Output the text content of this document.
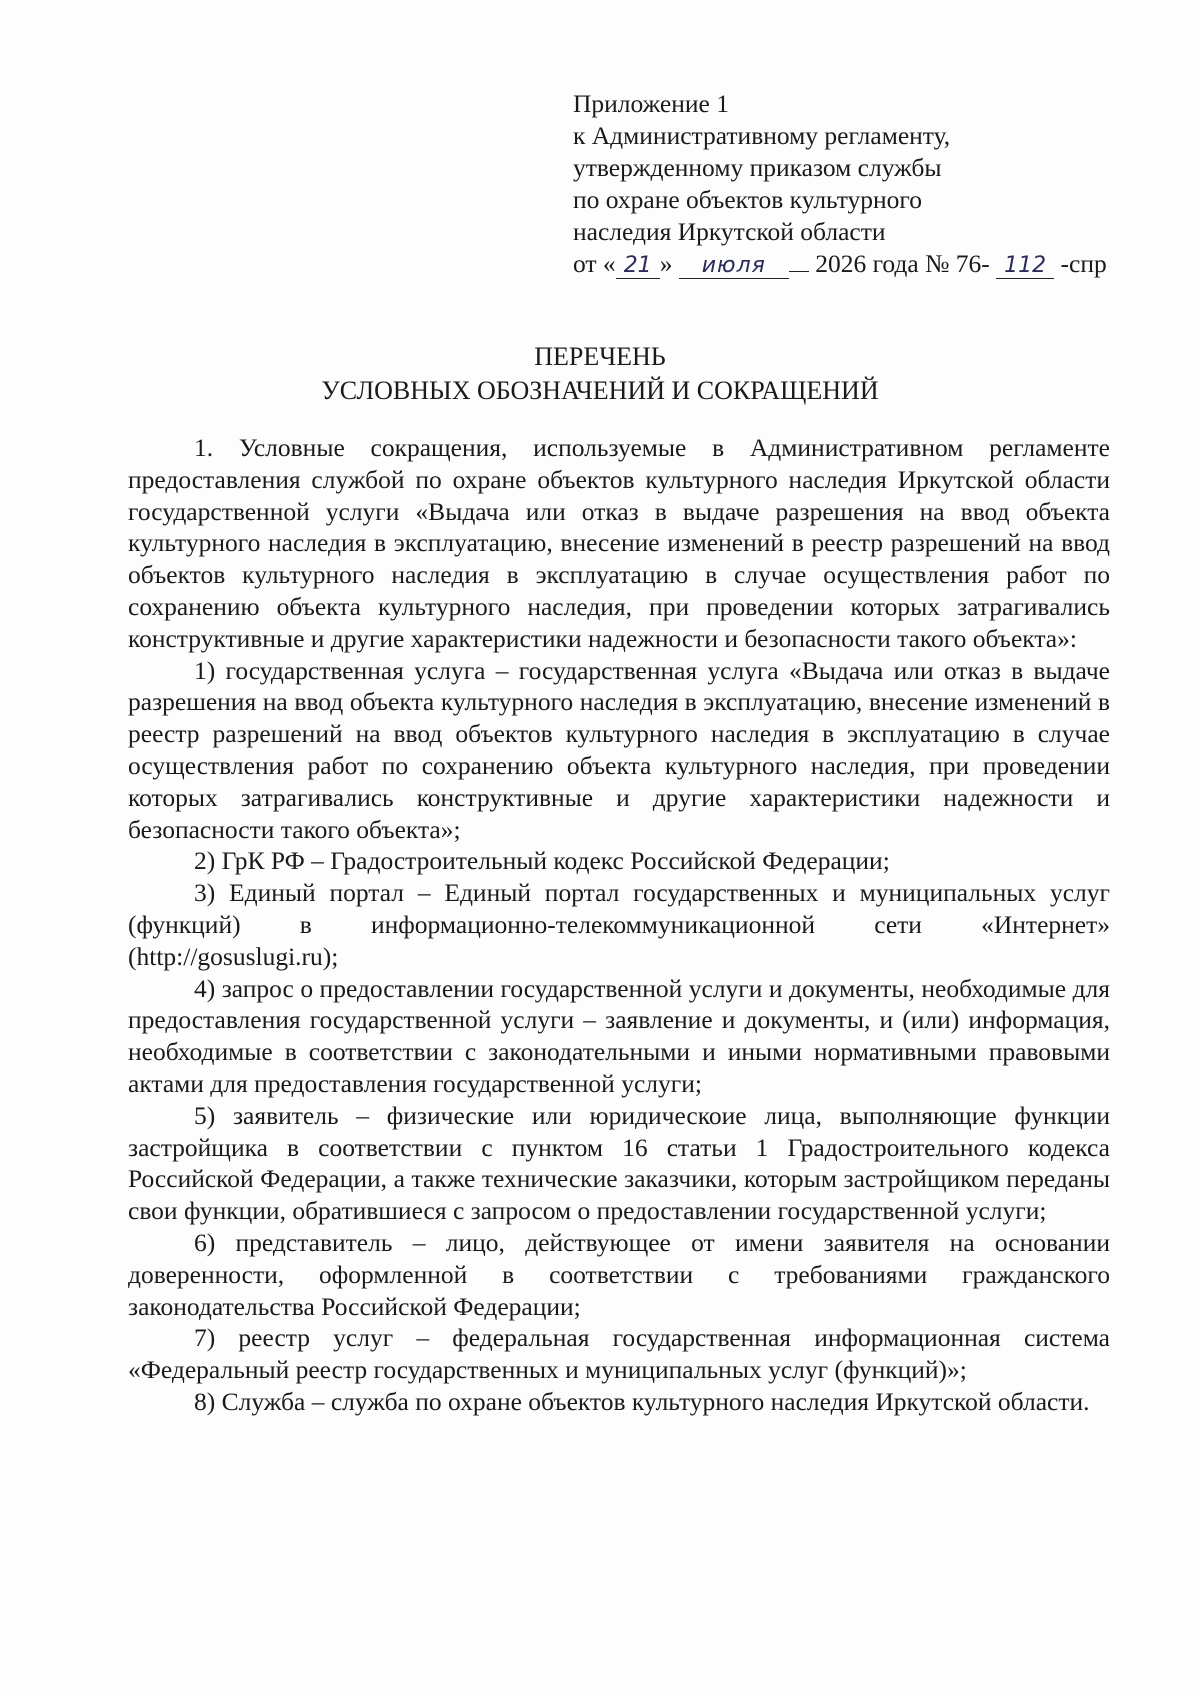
Приложение 1
к Административному регламенту,
утвержденному приказом службы
по охране объектов культурного
наследия Иркутской области
от « 21 » июля 2026 года № 76- 112 -спр
ПЕРЕЧЕНЬ
УСЛОВНЫХ ОБОЗНАЧЕНИЙ И СОКРАЩЕНИЙ

1. Условные сокращения, используемые в Административном регламенте предоставления службой по охране объектов культурного наследия Иркутской области государственной услуги «Выдача или отказ в выдаче разрешения на ввод объекта культурного наследия в эксплуатацию, внесение изменений в реестр разрешений на ввод объектов культурного наследия в эксплуатацию в случае осуществления работ по сохранению объекта культурного наследия, при проведении которых затрагивались конструктивные и другие характеристики надежности и безопасности такого объекта»:

1) государственная услуга – государственная услуга «Выдача или отказ в выдаче разрешения на ввод объекта культурного наследия в эксплуатацию, внесение изменений в реестр разрешений на ввод объектов культурного наследия в эксплуатацию в случае осуществления работ по сохранению объекта культурного наследия, при проведении которых затрагивались конструктивные и другие характеристики надежности и безопасности такого объекта»;

2) ГрК РФ – Градостроительный кодекс Российской Федерации;

3) Единый портал – Единый портал государственных и муниципальных услуг (функций) в информационно-телекоммуникационной сети «Интернет» (http://gosuslugi.ru);

4) запрос о предоставлении государственной услуги и документы, необходимые для предоставления государственной услуги – заявление и документы, и (или) информация, необходимые в соответствии с законодательными и иными нормативными правовыми актами для предоставления государственной услуги;

5) заявитель – физические или юридическоие лица, выполняющие функции застройщика в соответствии с пунктом 16 статьи 1 Градостроительного кодекса Российской Федерации, а также технические заказчики, которым застройщиком переданы свои функции, обратившиеся с запросом о предоставлении государственной услуги;

6) представитель – лицо, действующее от имени заявителя на основании доверенности, оформленной в соответствии с требованиями гражданского законодательства Российской Федерации;

7) реестр услуг – федеральная государственная информационная система «Федеральный реестр государственных и муниципальных услуг (функций)»;

8) Служба – служба по охране объектов культурного наследия Иркутской области.
